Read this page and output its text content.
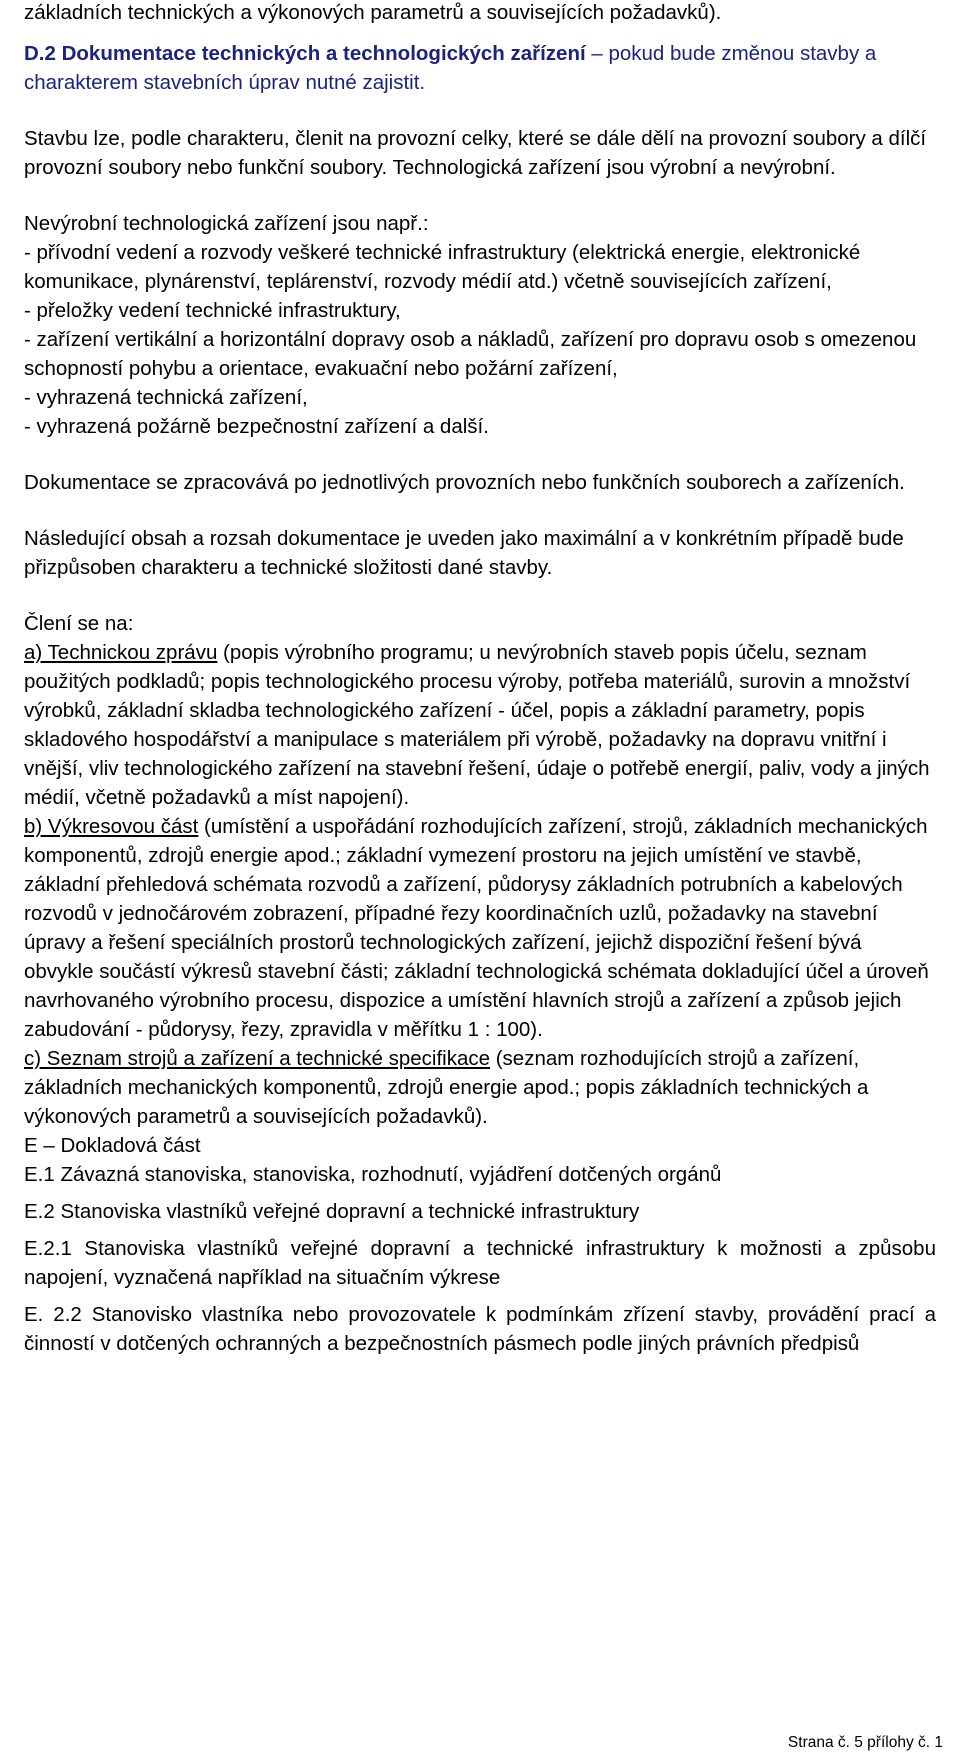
základních technických a výkonových parametrů a souvisejících požadavků).

D.2 Dokumentace technických a technologických zařízení – pokud bude změnou stavby a charakterem stavebních úprav nutné zajistit.

Stavbu lze, podle charakteru, členit na provozní celky, které se dále dělí na provozní soubory a dílčí provozní soubory nebo funkční soubory. Technologická zařízení jsou výrobní a nevýrobní.

Nevýrobní technologická zařízení jsou např.:
- přívodní vedení a rozvody veškeré technické infrastruktury (elektrická energie, elektronické komunikace, plynárenství, teplárenství, rozvody médií atd.) včetně souvisejících zařízení,
- přeložky vedení technické infrastruktury,
- zařízení vertikální a horizontální dopravy osob a nákladů, zařízení pro dopravu osob s omezenou schopností pohybu a orientace, evakuační nebo požární zařízení,
- vyhrazená technická zařízení,
- vyhrazená požárně bezpečnostní zařízení a další.

Dokumentace se zpracovává po jednotlivých provozních nebo funkčních souborech a zařízeních.

Následující obsah a rozsah dokumentace je uveden jako maximální a v konkrétním případě bude přizpůsoben charakteru a technické složitosti dané stavby.

Člení se na:

a) Technickou zprávu (popis výrobního programu; u nevýrobních staveb popis účelu, seznam použitých podkladů; popis technologického procesu výroby, potřeba materiálů, surovin a množství výrobků, základní skladba technologického zařízení - účel, popis a základní parametry, popis skladového hospodářství a manipulace s materiálem při výrobě, požadavky na dopravu vnitřní i vnější, vliv technologického zařízení na stavební řešení, údaje o potřebě energií, paliv, vody a jiných médií, včetně požadavků a míst napojení).

b) Výkresovou část (umístění a uspořádání rozhodujících zařízení, strojů, základních mechanických komponentů, zdrojů energie apod.; základní vymezení prostoru na jejich umístění ve stavbě, základní přehledová schémata rozvodů a zařízení, půdorysy základních potrubních a kabelových rozvodů v jednočárovém zobrazení, případné řezy koordinačních uzlů, požadavky na stavební úpravy a řešení speciálních prostorů technologických zařízení, jejichž dispoziční řešení bývá obvykle součástí výkresů stavební části; základní technologická schémata dokladující účel a úroveň navrhovaného výrobního procesu, dispozice a umístění hlavních strojů a zařízení a způsob jejich zabudování - půdorysy, řezy, zpravidla v měřítku 1 : 100).

c) Seznam strojů a zařízení a technické specifikace (seznam rozhodujících strojů a zařízení, základních mechanických komponentů, zdrojů energie apod.; popis základních technických a výkonových parametrů a souvisejících požadavků).

E – Dokladová část

E.1 Závazná stanoviska, stanoviska, rozhodnutí, vyjádření dotčených orgánů

E.2 Stanoviska vlastníků veřejné dopravní a technické infrastruktury

E.2.1 Stanoviska vlastníků veřejné dopravní a technické infrastruktury k možnosti a způsobu napojení, vyznačená například na situačním výkrese

E. 2.2 Stanovisko vlastníka nebo provozovatele k podmínkám zřízení stavby, provádění prací a činností v dotčených ochranných a bezpečnostních pásmech podle jiných právních předpisů

Strana č. 5 přílohy č. 1
